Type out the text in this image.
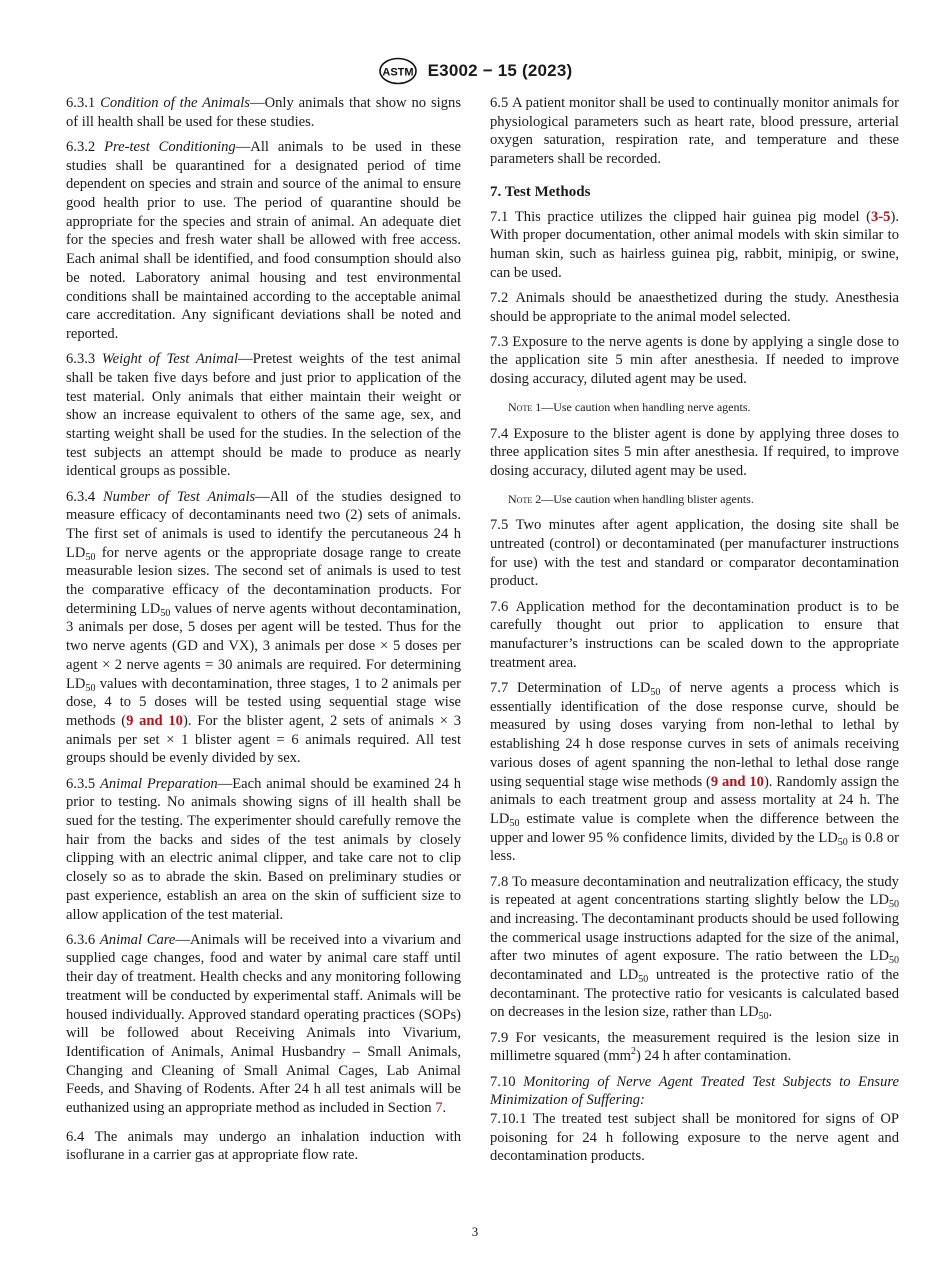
ASTM E3002 − 15 (2023)

6.3.1 Condition of the Animals—Only animals that show no signs of ill health shall be used for these studies.

6.3.2 Pre-test Conditioning—All animals to be used in these studies shall be quarantined for a designated period of time dependent on species and strain and source of the animal to ensure good health prior to use. The period of quarantine should be appropriate for the species and strain of animal. An adequate diet for the species and fresh water shall be allowed with free access. Each animal shall be identified, and food consumption should also be noted. Laboratory animal housing and test environmental conditions shall be maintained according to the acceptable animal care accreditation. Any significant deviations shall be noted and reported.

6.3.3 Weight of Test Animal—Pretest weights of the test animal shall be taken five days before and just prior to application of the test material. Only animals that either maintain their weight or show an increase equivalent to others of the same age, sex, and starting weight shall be used for the studies. In the selection of the test subjects an attempt should be made to produce as nearly identical groups as possible.

6.3.4 Number of Test Animals—All of the studies designed to measure efficacy of decontaminants need two (2) sets of animals. The first set of animals is used to identify the percutaneous 24 h $LD_{50}$ for nerve agents or the appropriate dosage range to create measurable lesion sizes. The second set of animals is used to test the comparative efficacy of the decontamination products. For determining $LD_{50}$ values of nerve agents without decontamination, 3 animals per dose, 5 doses per agent will be tested. Thus for the two nerve agents (GD and VX), 3 animals per dose × 5 doses per agent × 2 nerve agents = 30 animals are required. For determining $LD_{50}$ values with decontamination, three stages, 1 to 2 animals per dose, 4 to 5 doses will be tested using sequential stage wise methods (9 and 10). For the blister agent, 2 sets of animals × 3 animals per set × 1 blister agent = 6 animals required. All test groups should be evenly divided by sex.

6.3.5 Animal Preparation—Each animal should be examined 24 h prior to testing. No animals showing signs of ill health shall be sued for the testing. The experimenter should carefully remove the hair from the backs and sides of the test animals by closely clipping with an electric animal clipper, and take care not to clip closely so as to abrade the skin. Based on preliminary studies or past experience, establish an area on the skin of sufficient size to allow application of the test material.

6.3.6 Animal Care—Animals will be received into a vivarium and supplied cage changes, food and water by animal care staff until their day of treatment. Health checks and any monitoring following treatment will be conducted by experimental staff. Animals will be housed individually. Approved standard operating practices (SOPs) will be followed about Receiving Animals into Vivarium, Identification of Animals, Animal Husbandry – Small Animals, Changing and Cleaning of Small Animal Cages, Lab Animal Feeds, and Shaving of Rodents. After 24 h all test animals will be euthanized using an appropriate method as included in Section 7.

6.4 The animals may undergo an inhalation induction with isoflurane in a carrier gas at appropriate flow rate.

6.5 A patient monitor shall be used to continually monitor animals for physiological parameters such as heart rate, blood pressure, arterial oxygen saturation, respiration rate, and temperature and these parameters shall be recorded.

7. Test Methods

7.1 This practice utilizes the clipped hair guinea pig model (3-5). With proper documentation, other animal models with skin similar to human skin, such as hairless guinea pig, rabbit, minipig, or swine, can be used.

7.2 Animals should be anaesthetized during the study. Anesthesia should be appropriate to the animal model selected.

7.3 Exposure to the nerve agents is done by applying a single dose to the application site 5 min after anesthesia. If needed to improve dosing accuracy, diluted agent may be used.

Note 1—Use caution when handling nerve agents.

7.4 Exposure to the blister agent is done by applying three doses to three application sites 5 min after anesthesia. If required, to improve dosing accuracy, diluted agent may be used.

Note 2—Use caution when handling blister agents.

7.5 Two minutes after agent application, the dosing site shall be untreated (control) or decontaminated (per manufacturer instructions for use) with the test and standard or comparator decontamination product.

7.6 Application method for the decontamination product is to be carefully thought out prior to application to ensure that manufacturer’s instructions can be scaled down to the appropriate treatment area.

7.7 Determination of $LD_{50}$ of nerve agents a process which is essentially identification of the dose response curve, should be measured by using doses varying from non-lethal to lethal by establishing 24 h dose response curves in sets of animals receiving various doses of agent spanning the non-lethal to lethal dose range using sequential stage wise methods (9 and 10). Randomly assign the animals to each treatment group and assess mortality at 24 h. The $LD_{50}$ estimate value is complete when the difference between the upper and lower 95 % confidence limits, divided by the $LD_{50}$ is 0.8 or less.

7.8 To measure decontamination and neutralization efficacy, the study is repeated at agent concentrations starting slightly below the $LD_{50}$ and increasing. The decontaminant products should be used following the commerical usage instructions adapted for the size of the animal, after two minutes of agent exposure. The ratio between the $LD_{50}$ decontaminated and $LD_{50}$ untreated is the protective ratio of the decontaminant. The protective ratio for vesicants is calculated based on decreases in the lesion size, rather than $LD_{50}$.

7.9 For vesicants, the measurement required is the lesion size in millimetre squared $(mm^2)$ 24 h after contamination.

7.10 Monitoring of Nerve Agent Treated Test Subjects to Ensure Minimization of Suffering:

7.10.1 The treated test subject shall be monitored for signs of OP poisoning for 24 h following exposure to the nerve agent and decontamination products.

3
